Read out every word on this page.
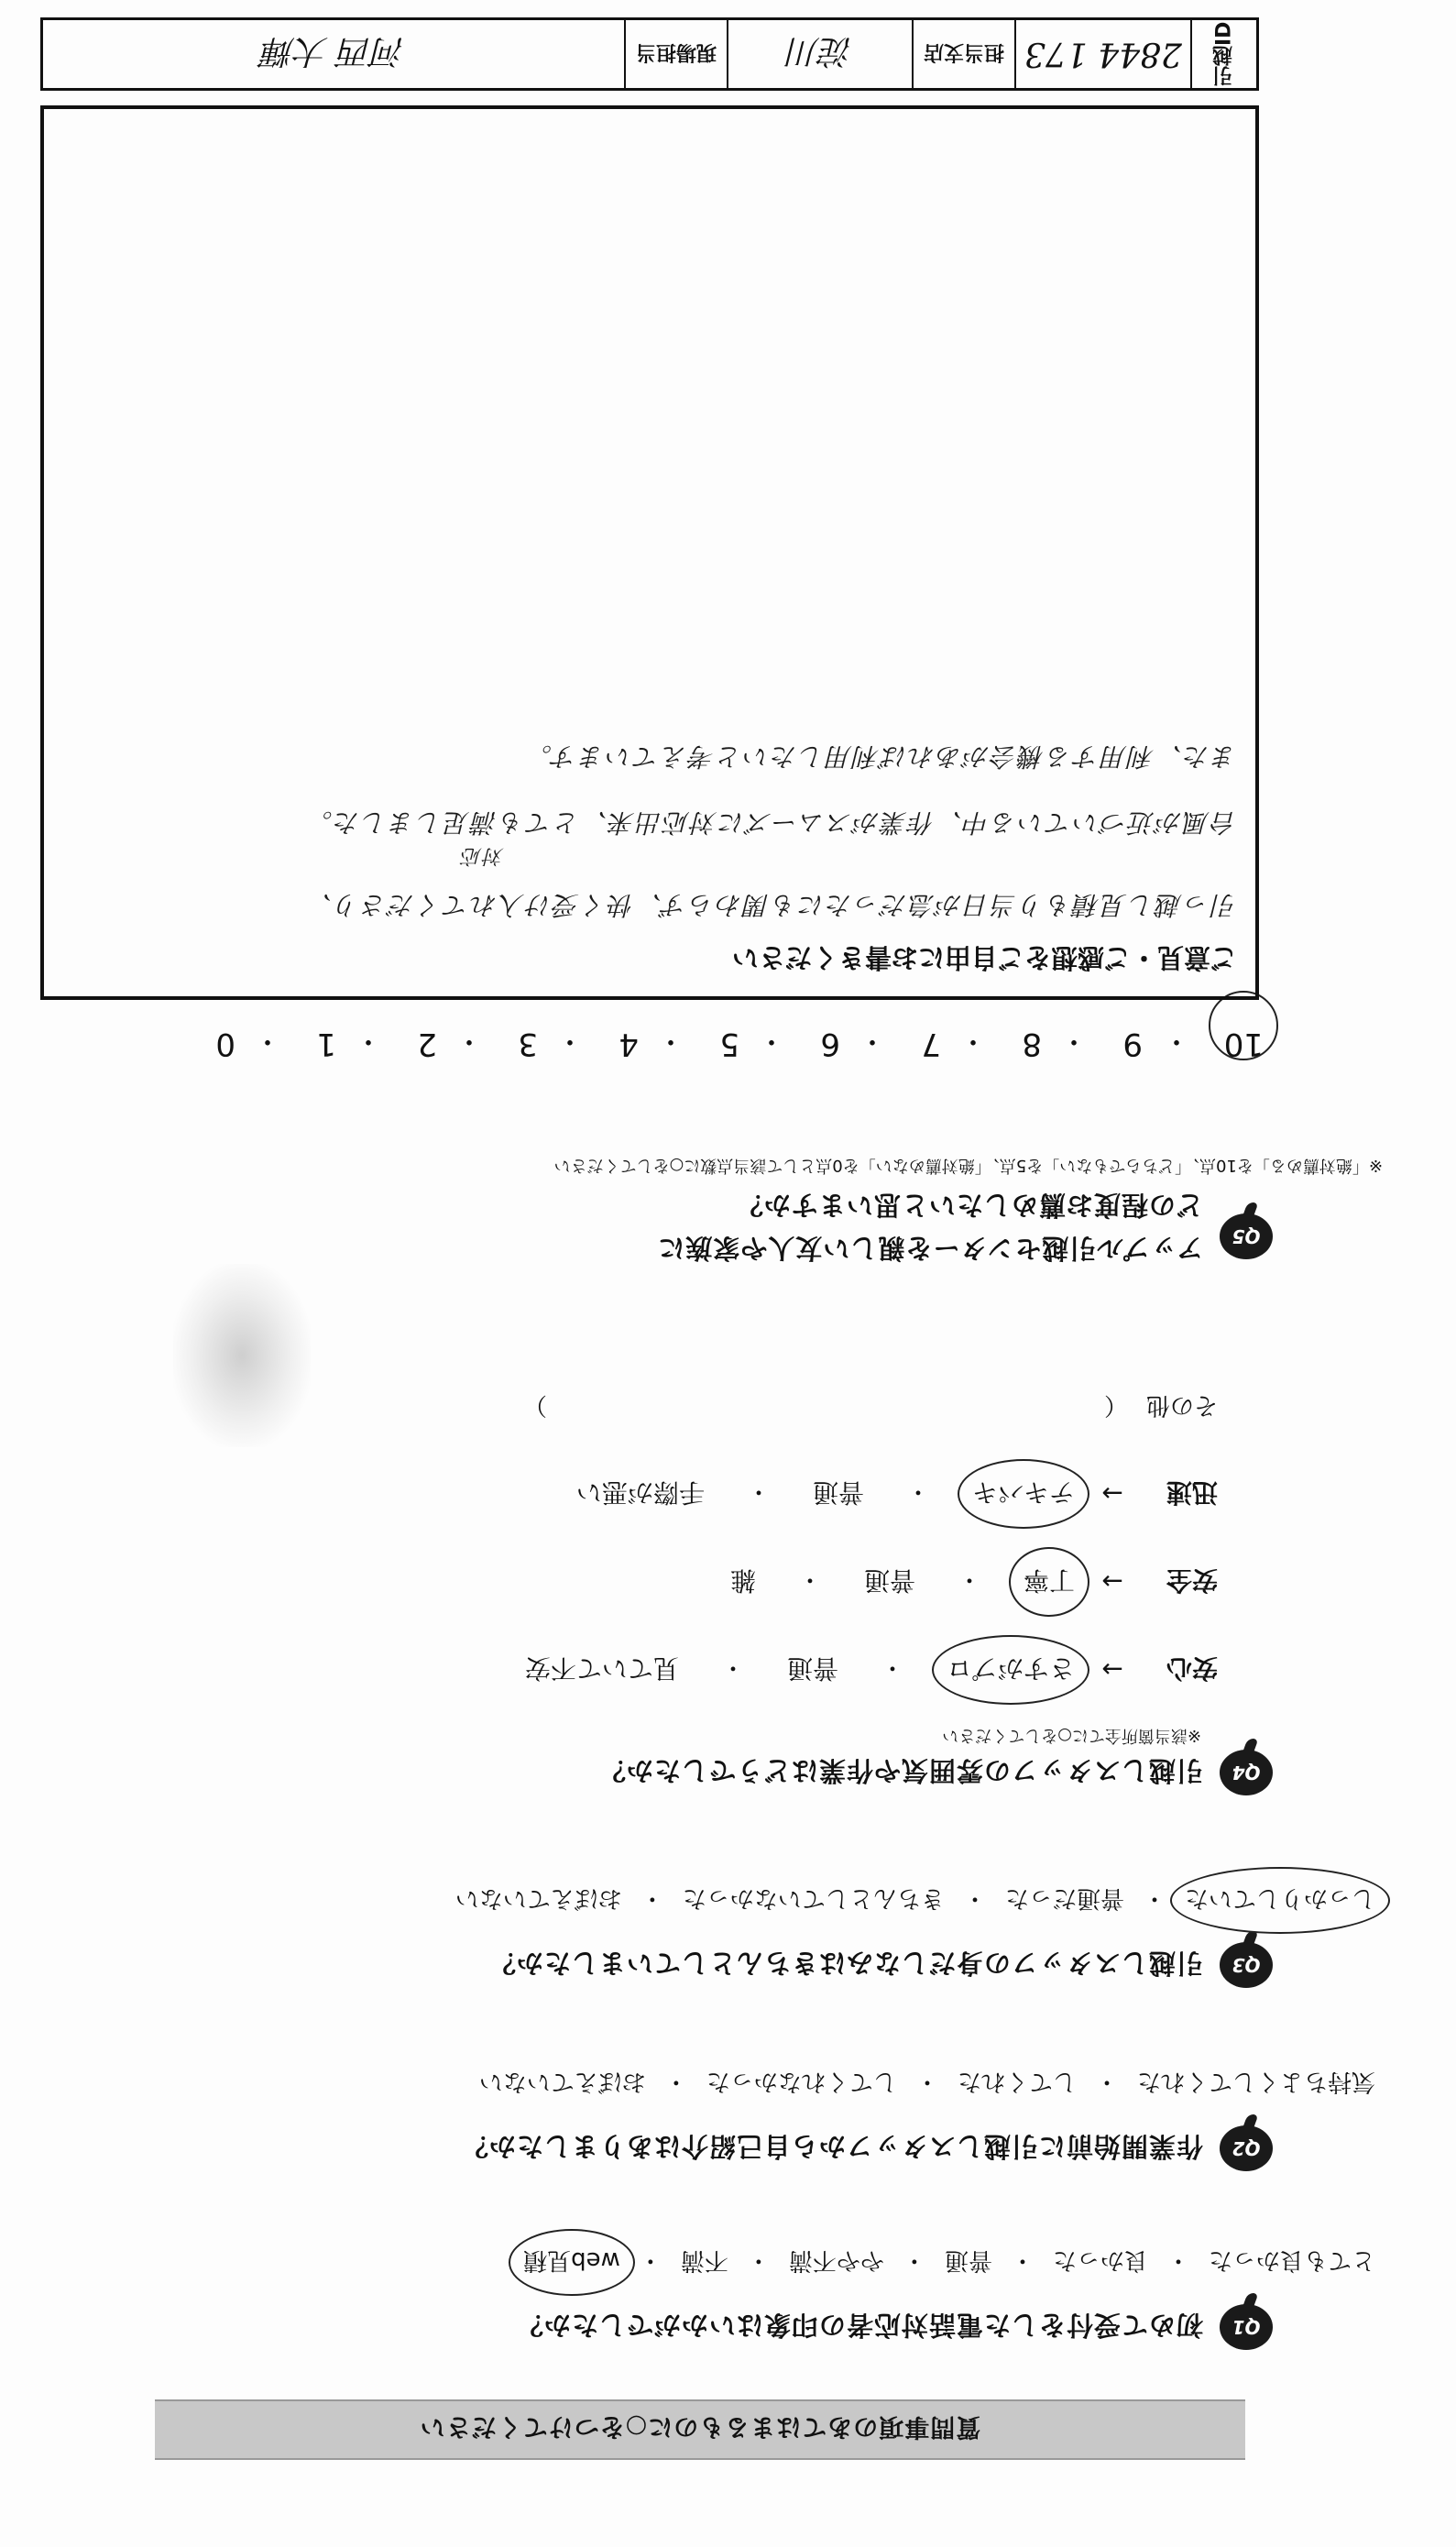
質問事項のあてはまるものに○をつけてください
Q1
初めて受付をした電話対応者の印象はいかがでしたか？
とても良かった
・
良かった
・
普通
・
やや不満
・
不満
・
web見積
Q2
作業開始前に引越しスタッフから自己紹介はありましたか？
気持ちよくしてくれた
・
してくれた
・
してくれなかった
・
おぼえていない
Q3
引越しスタッフの身だしなみはきちんとしていましたか？
しっかりしていた
・
普通だった
・
きちんとしていなかった
・
おぼえていない
Q4
引越しスタッフの雰囲気や作業はどうでしたか？
※該当箇所全てに○をしてください
安心
→
さすがプロ
・
普通
・
見ていて不安
安全
→
丁寧
・
普通
・
雑
迅速
→
テキパキ
・
普通
・
手際が悪い
その他
（
）
Q5
アップル引越センターを親しい友人や家族に
どの程度お薦めしたいと思いますか？
※「絶対薦める」を10点、「どちらでもない」を5点、「絶対薦めない」を0点として該当点数に○をしてください
10
・
9
・
8
・
7
・
6
・
5
・
4
・
3
・
2
・
1
・
0
ご意見・ご感想をご自由にお書きください
引っ越し見積もり当日が急だったにも関わらず、快く受け入れてくださり、
対応
台風が近づいている中、作業がスムーズに対応出来、とても満足しました。
また、利用する機会があれば利用したいと考えています。
引越ID
2844 173
担当支店
淀川
現場担当
河西 大輝
